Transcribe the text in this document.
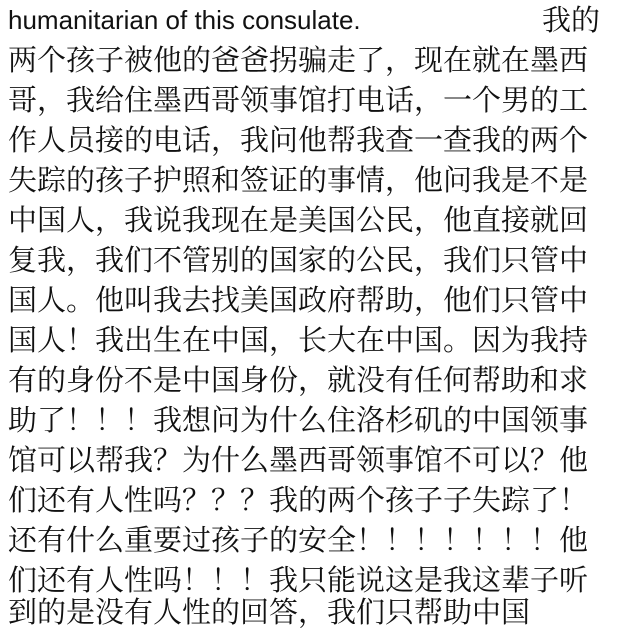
humanitarian of this consulate.	我的
两个孩子被他的爸爸拐骗走了，现在就在墨西
哥，我给住墨西哥领事馆打电话，一个男的工
作人员接的电话，我问他帮我查一查我的两个
失踪的孩子护照和签证的事情，他问我是不是
中国人，我说我现在是美国公民，他直接就回
复我，我们不管别的国家的公民，我们只管中
国人。他叫我去找美国政府帮助，他们只管中
国人！我出生在中国，长大在中国。因为我持
有的身份不是中国身份，就没有任何帮助和求
助了！！！我想问为什么住洛杉矶的中国领事
馆可以帮我？为什么墨西哥领事馆不可以？他
们还有人性吗？？？我的两个孩子子失踪了！
还有什么重要过孩子的安全！！！！！！！他
们还有人性吗！！！我只能说这是我这辈子听
到的是没有人性的回答，我们只帮助中国
